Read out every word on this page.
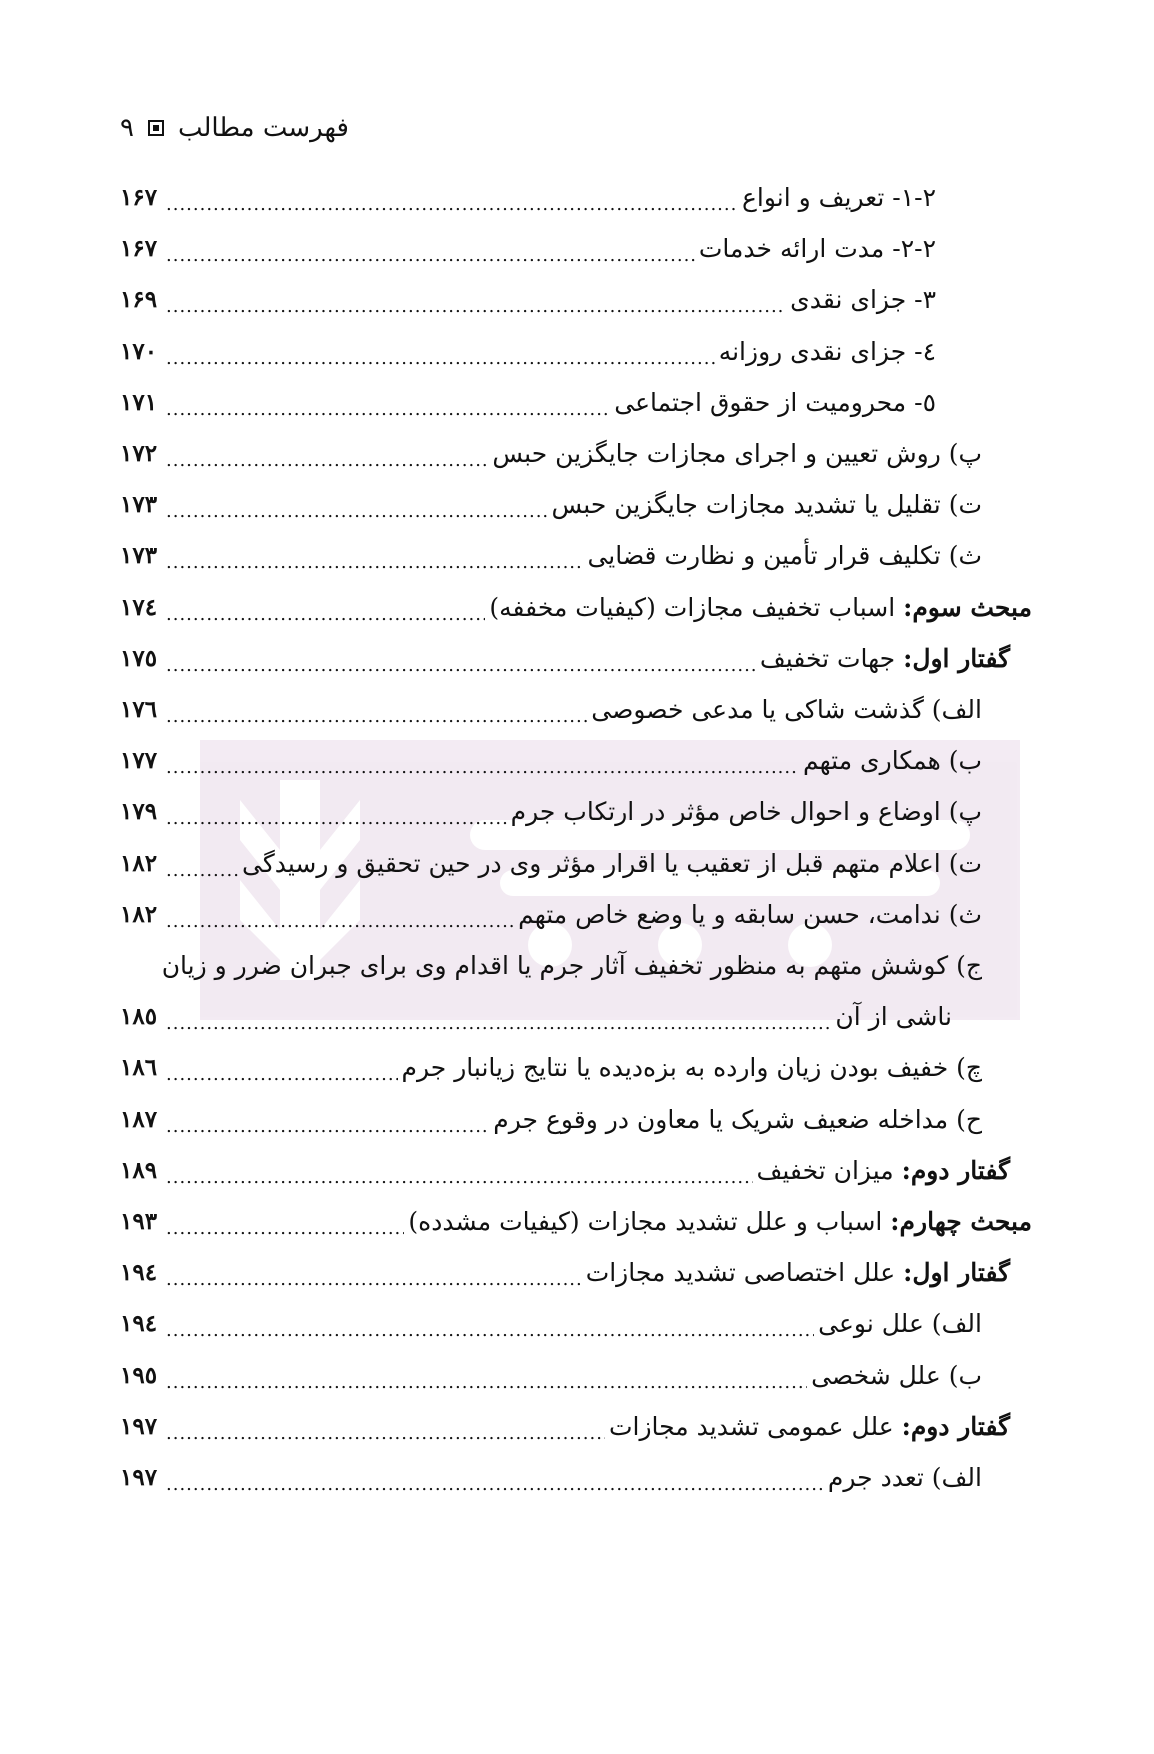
۹ فهرست مطالب
۱-۲- تعریف و انواع
.....
۱۶۷
۲-۲- مدت ارائه خدمات
.....
۱۶۷
۳- جزای نقدی
.....
۱۶۹
٤- جزای نقدی روزانه
.....
۱۷۰
٥- محرومیت از حقوق اجتماعی
.....
۱۷۱
پ) روش تعیین و اجرای مجازات جایگزین حبس
.....
۱۷۲
ت) تقلیل یا تشدید مجازات جایگزین حبس
.....
۱۷۳
ث) تکلیف قرار تأمین و نظارت قضایی
.....
۱۷۳
مبحث سوم: اسباب تخفیف مجازات (کیفیات مخففه)
.....
۱۷٤
گفتار اول: جهات تخفیف
.....
۱۷٥
الف) گذشت شاکی یا مدعی خصوصی
.....
۱۷٦
ب) همکاری متهم
.....
۱۷۷
پ) اوضاع و احوال خاص مؤثر در ارتکاب جرم
.....
۱۷۹
ت) اعلام متهم قبل از تعقیب یا اقرار مؤثر وی در حین تحقیق و رسیدگی
.....
۱۸۲
ث) ندامت، حسن سابقه و یا وضع خاص متهم
.....
۱۸۲
ج) کوشش متهم به منظور تخفیف آثار جرم یا اقدام وی برای جبران ضرر و زیان
ناشی از آن
.....
۱۸٥
چ) خفیف بودن زیان وارده به بزه‌دیده یا نتایج زیانبار جرم
.....
۱۸٦
ح) مداخله ضعیف شریک یا معاون در وقوع جرم
.....
۱۸۷
گفتار دوم: میزان تخفیف
.....
۱۸۹
مبحث چهارم: اسباب و علل تشدید مجازات (کیفیات مشدده)
.....
۱۹۳
گفتار اول: علل اختصاصی تشدید مجازات
.....
۱۹٤
الف) علل نوعی
.....
۱۹٤
ب) علل شخصی
.....
۱۹٥
گفتار دوم: علل عمومی تشدید مجازات
.....
۱۹۷
الف) تعدد جرم
.....
۱۹۷
